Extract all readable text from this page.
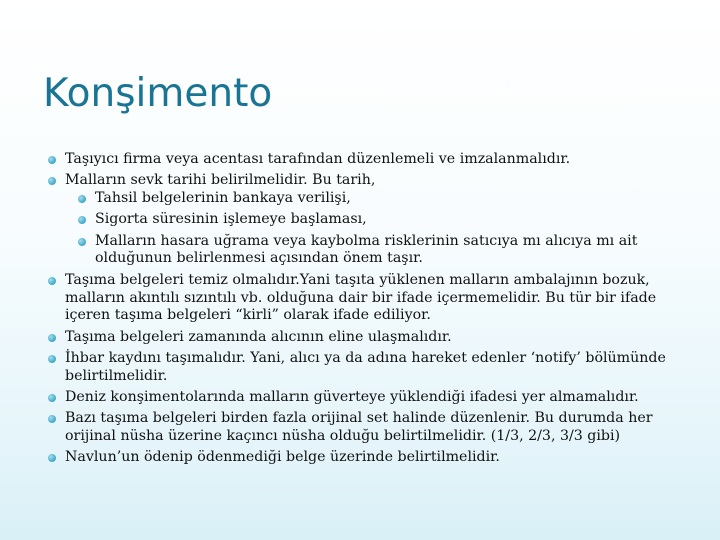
Konşimento
Taşıyıcı firma veya acentası tarafından düzenlemeli ve imzalanmalıdır.
Malların sevk tarihi belirilmelidir. Bu tarih,
Tahsil belgelerinin bankaya verilişi,
Sigorta süresinin işlemeye başlaması,
Malların hasara uğrama veya kaybolma risklerinin satıcıya mı alıcıya mı ait olduğunun belirlenmesi açısından önem taşır.
Taşıma belgeleri temiz olmalıdır.Yani taşıta yüklenen malların ambalajının bozuk, malların akıntılı sızıntılı vb. olduğuna dair bir ifade içermemelidir. Bu tür bir ifade içeren taşıma belgeleri “kirli” olarak ifade ediliyor.
Taşıma belgeleri zamanında alıcının eline ulaşmalıdır.
İhbar kaydını taşımalıdır. Yani, alıcı ya da adına hareket edenler ‘notify’ bölümünde belirtilmelidir.
Deniz konşimentolarında malların güverteye yüklendiği ifadesi yer almamalıdır.
Bazı taşıma belgeleri birden fazla orijinal set halinde düzenlenir. Bu durumda her orijinal nüsha üzerine kaçıncı nüsha olduğu belirtilmelidir. (1/3, 2/3, 3/3 gibi)
Navlun’un ödenip ödenmediği belge üzerinde belirtilmelidir.
